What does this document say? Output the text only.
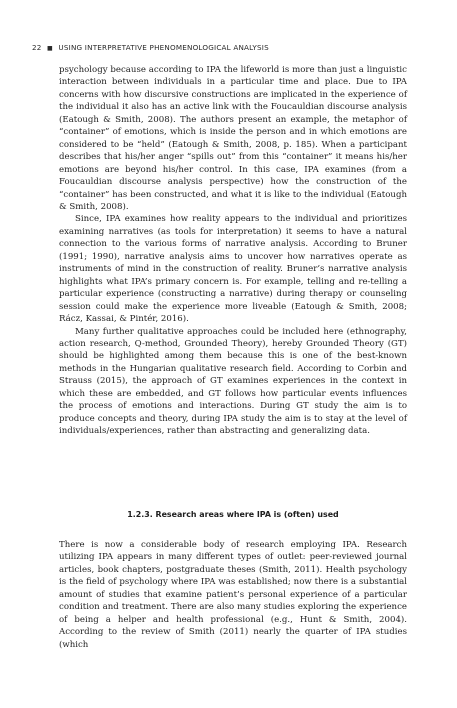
22 ■ USING INTERPRETATIVE PHENOMENOLOGICAL ANALYSIS

psychology because according to IPA the lifeworld is more than just a linguistic interaction between individuals in a particular time and place. Due to IPA concerns with how discursive constructions are implicated in the experience of the individual it also has an active link with the Foucauldian discourse analysis (Eatough & Smith, 2008). The authors present an example, the metaphor of “container” of emotions, which is inside the person and in which emotions are considered to be “held” (Eatough & Smith, 2008, p. 185). When a participant describes that his/her anger “spills out” from this “container” it means his/her emotions are beyond his/her control. In this case, IPA examines (from a Foucauldian discourse analysis perspective) how the construction of the “container” has been constructed, and what it is like to the individual (Eatough & Smith, 2008).

Since, IPA examines how reality appears to the individual and prioritizes examining narratives (as tools for interpretation) it seems to have a natural connection to the various forms of narrative analysis. According to Bruner (1991; 1990), narrative analysis aims to uncover how narratives operate as instruments of mind in the construction of reality. Bruner’s narrative analysis highlights what IPA’s primary concern is. For example, telling and re-telling a particular experience (constructing a narrative) during therapy or counseling session could make the experience more liveable (Eatough & Smith, 2008; Rácz, Kassai, & Pintér, 2016).

Many further qualitative approaches could be included here (ethnography, action research, Q-method, Grounded Theory), hereby Grounded Theory (GT) should be highlighted among them because this is one of the best-known methods in the Hungarian qualitative research field. According to Corbin and Strauss (2015), the approach of GT examines experiences in the context in which these are embedded, and GT follows how particular events influences the process of emotions and interactions. During GT study the aim is to produce concepts and theory, during IPA study the aim is to stay at the level of individuals/experiences, rather than abstracting and generalizing data.

1.2.3. Research areas where IPA is (often) used

There is now a considerable body of research employing IPA. Research utilizing IPA appears in many different types of outlet: peer-reviewed journal articles, book chapters, postgraduate theses (Smith, 2011). Health psychology is the field of psychology where IPA was established; now there is a substantial amount of studies that examine patient’s personal experience of a particular condition and treatment. There are also many studies exploring the experience of being a helper and health professional (e.g., Hunt & Smith, 2004). According to the review of Smith (2011) nearly the quarter of IPA studies (which
